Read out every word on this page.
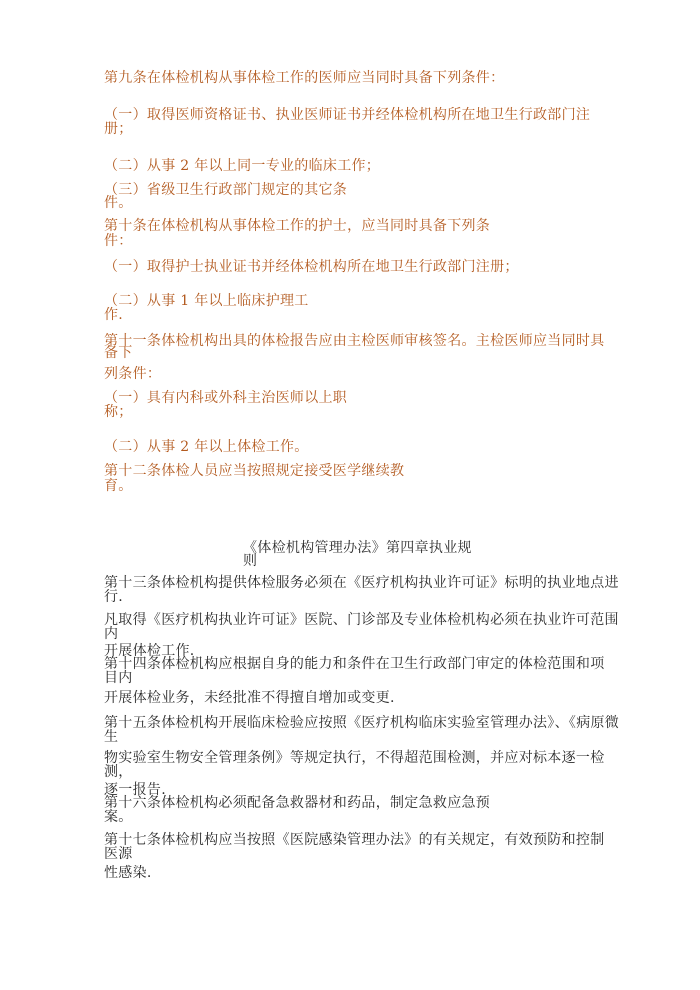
第九条在体检机构从事体检工作的医师应当同时具备下列条件：

（一）取得医师资格证书、执业医师证书并经体检机构所在地卫生行政部门注

册；

（二）从事 2 年以上同一专业的临床工作；

（三）省级卫生行政部门规定的其它条

件。

第十条在体检机构从事体检工作的护士，应当同时具备下列条

件：

（一）取得护士执业证书并经体检机构所在地卫生行政部门注册；

（二）从事 1 年以上临床护理工

作.

第十一条体检机构出具的体检报告应由主检医师审核签名。主检医师应当同时具

备下

列条件：

（一）具有内科或外科主治医师以上职

称；

（二）从事 2 年以上体检工作。

第十二条体检人员应当按照规定接受医学继续教

育。

《体检机构管理办法》第四章执业规

则

第十三条体检机构提供体检服务必须在《医疗机构执业许可证》标明的执业地点进

行.

凡取得《医疗机构执业许可证》医院、门诊部及专业体检机构必须在执业许可范围

内

开展体检工作.

第十四条体检机构应根据自身的能力和条件在卫生行政部门审定的体检范围和项

目内

开展体检业务，未经批准不得擅自增加或变更.

第十五条体检机构开展临床检验应按照《医疗机构临床实验室管理办法》、《病原微

生

物实验室生物安全管理条例》等规定执行，不得超范围检测，并应对标本逐一检

测，

逐一报告.

第十六条体检机构必须配备急救器材和药品，制定急救应急预

案。

第十七条体检机构应当按照《医院感染管理办法》的有关规定，有效预防和控制

医源

性感染.
